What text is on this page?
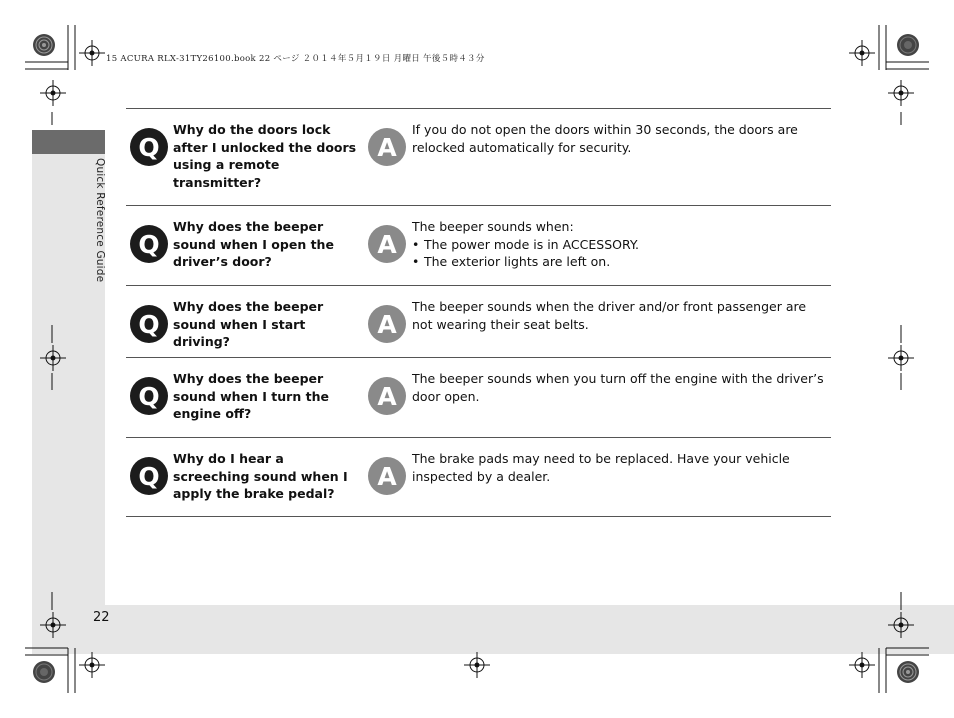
Quick Reference Guide
15 ACURA RLX-31TY26100.book 22 ページ ２０１４年５月１９日 月曜日 午後５時４３分
22
Q
Why do the doors lock after I unlocked the doors using a remote transmitter?
A
If you do not open the doors within 30 seconds, the doors are relocked automatically for security.
Q
Why does the beeper sound when I open the driver’s door?
A
The beeper sounds when:
• The power mode is in ACCESSORY.
• The exterior lights are left on.
Q
Why does the beeper sound when I start driving?
A
The beeper sounds when the driver and/or front passenger are not wearing their seat belts.
Q
Why does the beeper sound when I turn the engine off?
A
The beeper sounds when you turn off the engine with the driver’s door open.
Q
Why do I hear a screeching sound when I apply the brake pedal?
A
The brake pads may need to be replaced. Have your vehicle inspected by a dealer.
